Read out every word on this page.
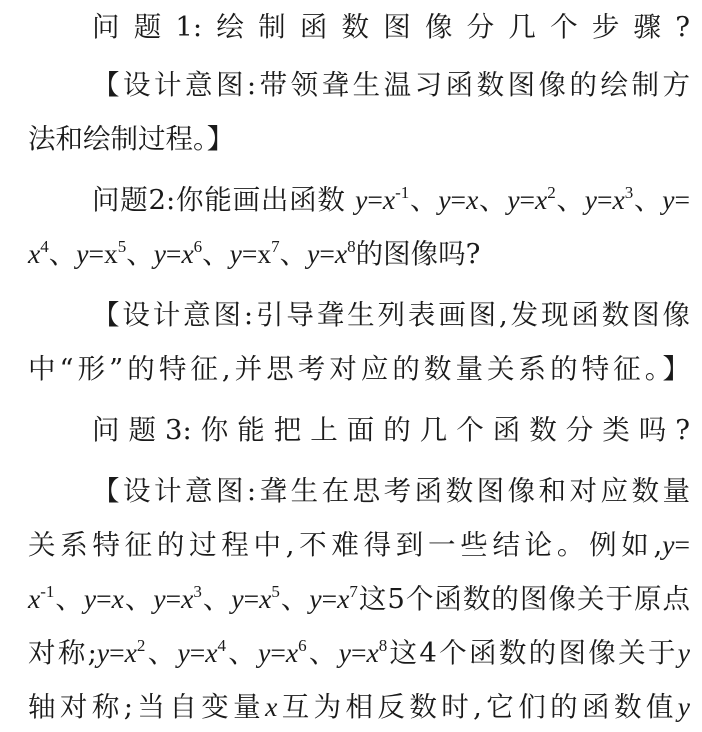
问题1:绘制函数图像分几个步骤?
【设计意图:带领聋生温习函数图像的绘制方
法和绘制过程。】
问题2:你能画出函数 $y=x^{-1}$、y=x、$y=x^2$、$y=x^3$、y=
$x^4$、$y=x^5$、$y=x^6$、$y=x^7$、$y=x^8$的图像吗?
【设计意图:引导聋生列表画图,发现函数图像
中“形”的特征,并思考对应的数量关系的特征。】
问题3:你能把上面的几个函数分类吗?
【设计意图:聋生在思考函数图像和对应数量
关系特征的过程中,不难得到一些结论。例如,y=
$x^{-1}$、y=x、$y=x^3$、$y=x^5$、$y=x^7$这5个函数的图像关于原点
对称$;y=x^2$、$y=x^4$、$y=x^6$、$y=x^8$这4个函数的图像关于y
轴对称;当自变量x互为相反数时,它们的函数值y
